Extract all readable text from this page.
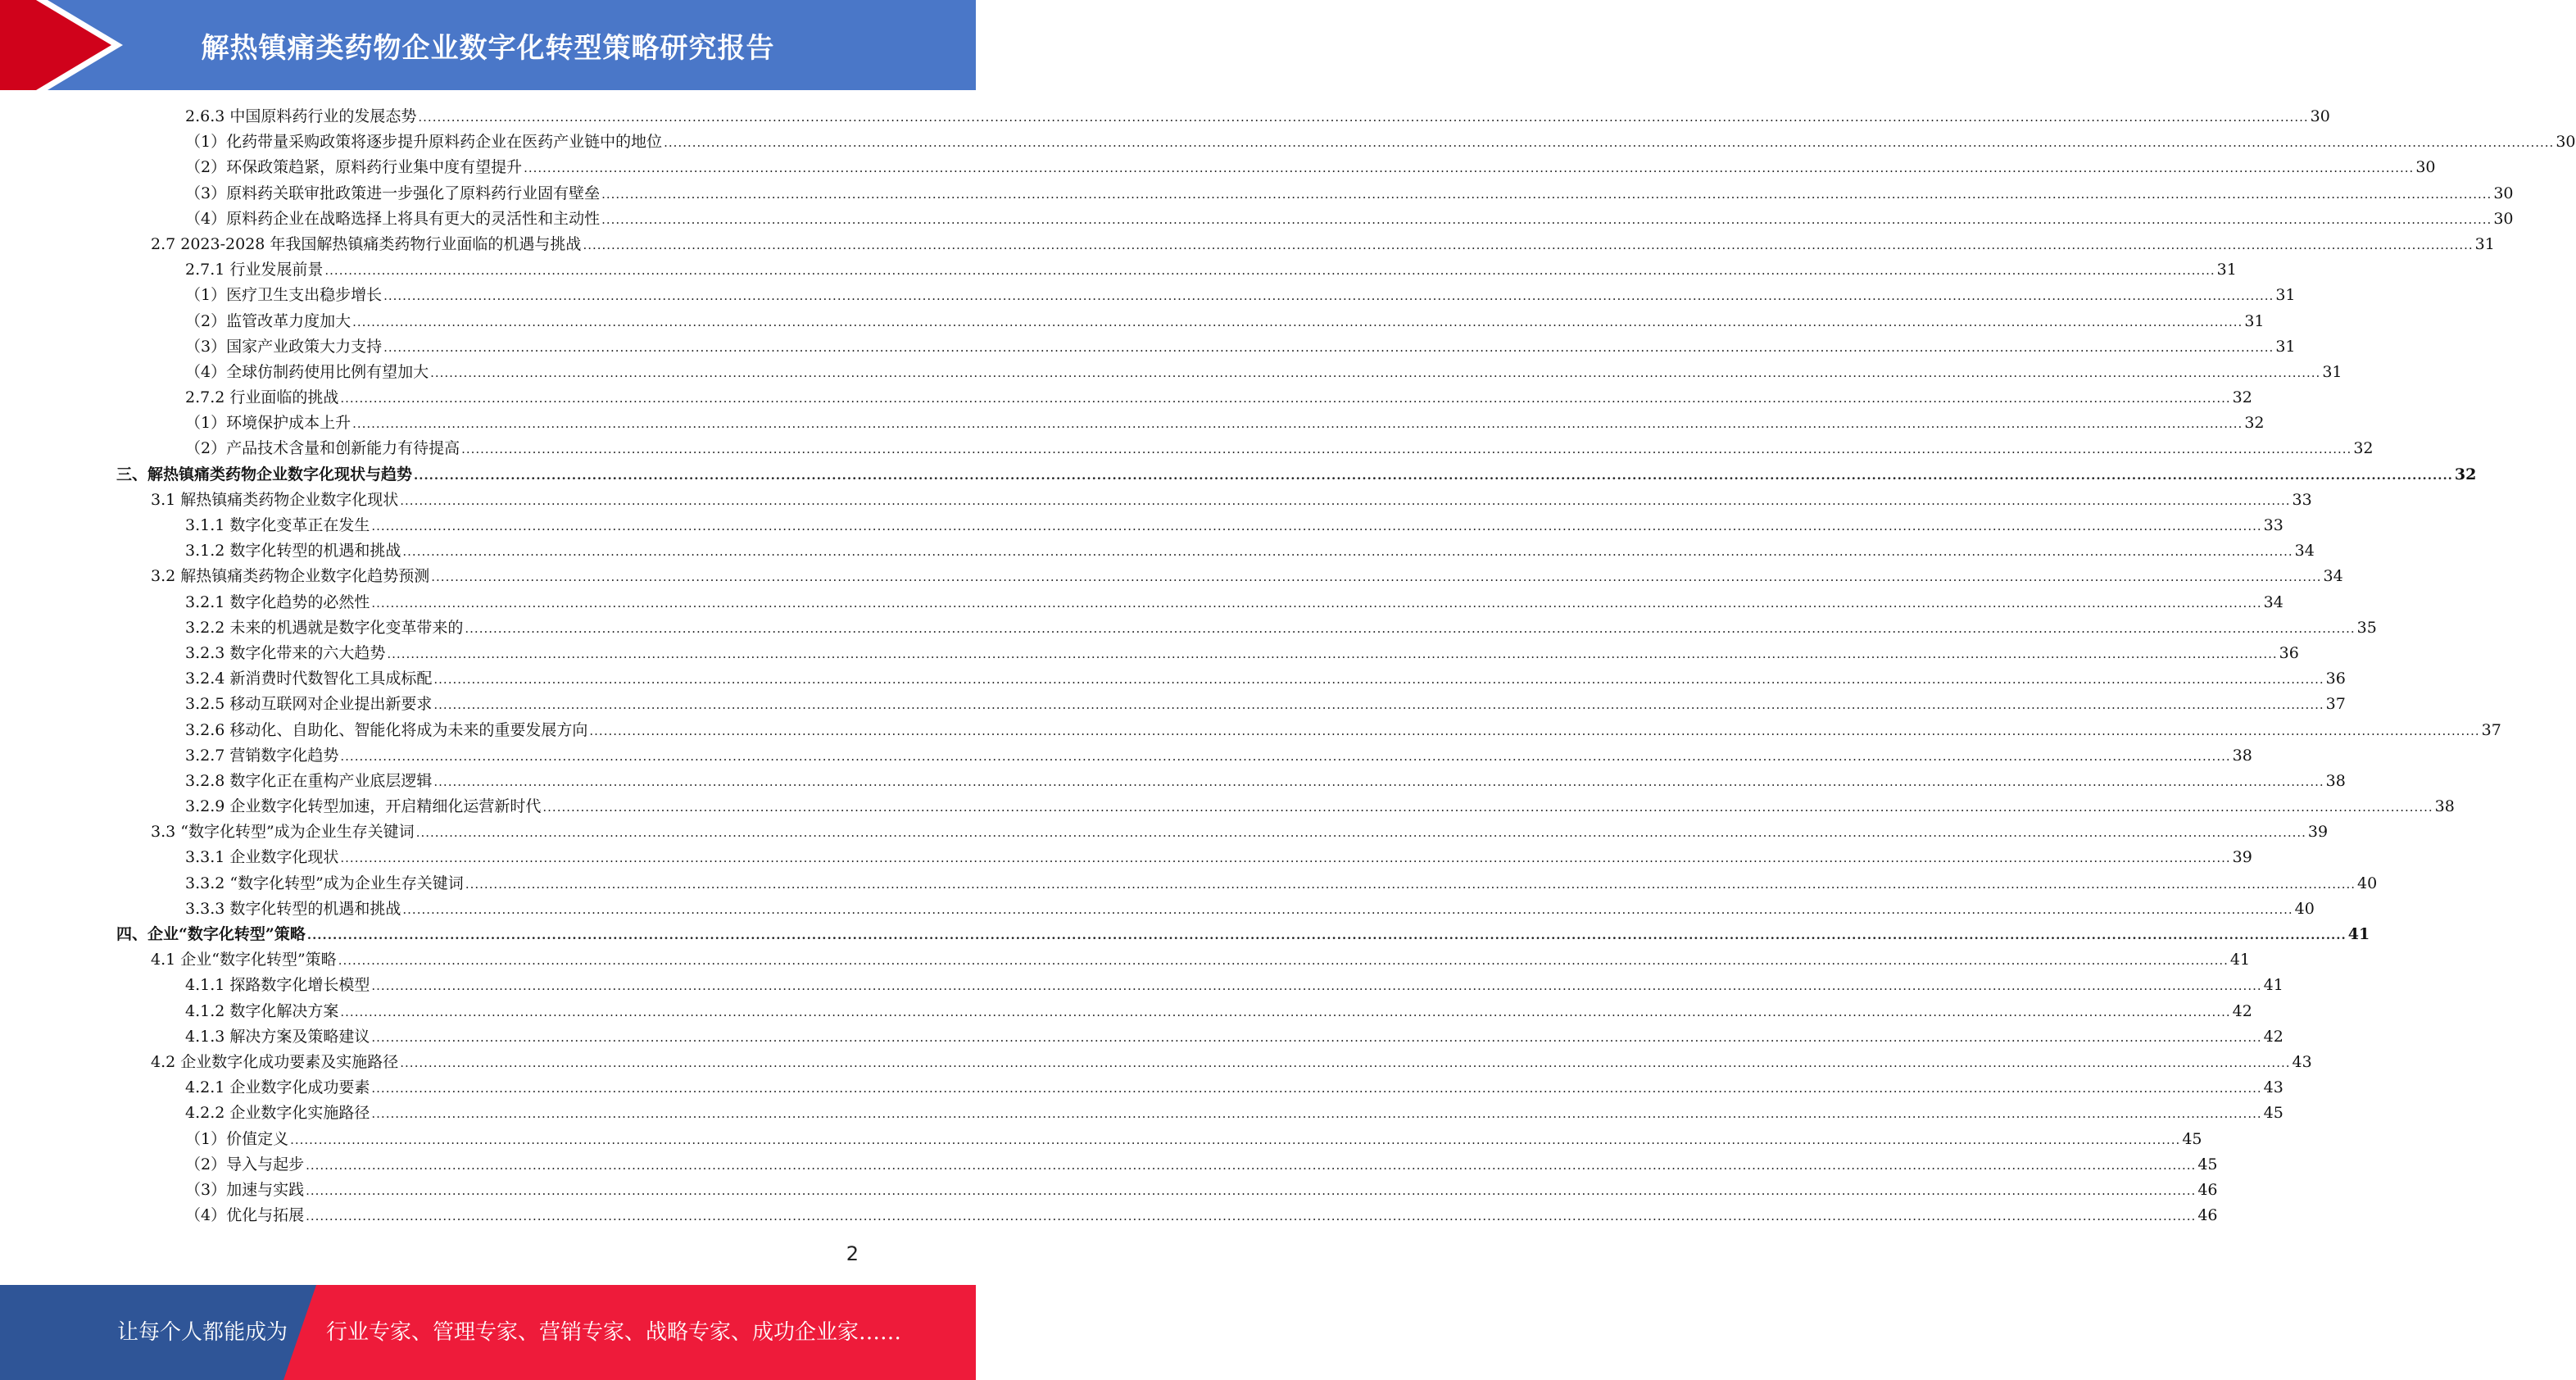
解热镇痛类药物企业数字化转型策略研究报告
2.6.3 中国原料药行业的发展态势 ................................................................................................................................................................................................................................................................................................................................................................................................................ 30
（1）化药带量采购政策将逐步提升原料药企业在医药产业链中的地位 ................................................................................................................................................................................................................................................................................................................................................................................................................ 30
（2）环保政策趋紧，原料药行业集中度有望提升 ................................................................................................................................................................................................................................................................................................................................................................................................................ 30
（3）原料药关联审批政策进一步强化了原料药行业固有壁垒 ................................................................................................................................................................................................................................................................................................................................................................................................................ 30
（4）原料药企业在战略选择上将具有更大的灵活性和主动性 ................................................................................................................................................................................................................................................................................................................................................................................................................ 30
2.7 2023-2028 年我国解热镇痛类药物行业面临的机遇与挑战 ................................................................................................................................................................................................................................................................................................................................................................................................................ 31
2.7.1 行业发展前景 ................................................................................................................................................................................................................................................................................................................................................................................................................ 31
（1）医疗卫生支出稳步增长 ................................................................................................................................................................................................................................................................................................................................................................................................................ 31
（2）监管改革力度加大 ................................................................................................................................................................................................................................................................................................................................................................................................................ 31
（3）国家产业政策大力支持 ................................................................................................................................................................................................................................................................................................................................................................................................................ 31
（4）全球仿制药使用比例有望加大 ................................................................................................................................................................................................................................................................................................................................................................................................................ 31
2.7.2 行业面临的挑战 ................................................................................................................................................................................................................................................................................................................................................................................................................ 32
（1）环境保护成本上升 ................................................................................................................................................................................................................................................................................................................................................................................................................ 32
（2）产品技术含量和创新能力有待提高 ................................................................................................................................................................................................................................................................................................................................................................................................................ 32
三、解热镇痛类药物企业数字化现状与趋势 ................................................................................................................................................................................................................................................................................................................................................................................................................ 32
3.1 解热镇痛类药物企业数字化现状 ................................................................................................................................................................................................................................................................................................................................................................................................................ 33
3.1.1 数字化变革正在发生 ................................................................................................................................................................................................................................................................................................................................................................................................................ 33
3.1.2 数字化转型的机遇和挑战 ................................................................................................................................................................................................................................................................................................................................................................................................................ 34
3.2 解热镇痛类药物企业数字化趋势预测 ................................................................................................................................................................................................................................................................................................................................................................................................................ 34
3.2.1 数字化趋势的必然性 ................................................................................................................................................................................................................................................................................................................................................................................................................ 34
3.2.2 未来的机遇就是数字化变革带来的 ................................................................................................................................................................................................................................................................................................................................................................................................................ 35
3.2.3 数字化带来的六大趋势 ................................................................................................................................................................................................................................................................................................................................................................................................................ 36
3.2.4 新消费时代数智化工具成标配 ................................................................................................................................................................................................................................................................................................................................................................................................................ 36
3.2.5 移动互联网对企业提出新要求 ................................................................................................................................................................................................................................................................................................................................................................................................................ 37
3.2.6 移动化、自助化、智能化将成为未来的重要发展方向 ................................................................................................................................................................................................................................................................................................................................................................................................................ 37
3.2.7 营销数字化趋势 ................................................................................................................................................................................................................................................................................................................................................................................................................ 38
3.2.8 数字化正在重构产业底层逻辑 ................................................................................................................................................................................................................................................................................................................................................................................................................ 38
3.2.9 企业数字化转型加速，开启精细化运营新时代 ................................................................................................................................................................................................................................................................................................................................................................................................................ 38
3.3 “数字化转型”成为企业生存关键词 ................................................................................................................................................................................................................................................................................................................................................................................................................ 39
3.3.1 企业数字化现状 ................................................................................................................................................................................................................................................................................................................................................................................................................ 39
3.3.2 “数字化转型”成为企业生存关键词 ................................................................................................................................................................................................................................................................................................................................................................................................................ 40
3.3.3 数字化转型的机遇和挑战 ................................................................................................................................................................................................................................................................................................................................................................................................................ 40
四、企业“数字化转型”策略 ................................................................................................................................................................................................................................................................................................................................................................................................................ 41
4.1 企业“数字化转型”策略 ................................................................................................................................................................................................................................................................................................................................................................................................................ 41
4.1.1 探路数字化增长模型 ................................................................................................................................................................................................................................................................................................................................................................................................................ 41
4.1.2 数字化解决方案 ................................................................................................................................................................................................................................................................................................................................................................................................................ 42
4.1.3 解决方案及策略建议 ................................................................................................................................................................................................................................................................................................................................................................................................................ 42
4.2 企业数字化成功要素及实施路径 ................................................................................................................................................................................................................................................................................................................................................................................................................ 43
4.2.1 企业数字化成功要素 ................................................................................................................................................................................................................................................................................................................................................................................................................ 43
4.2.2 企业数字化实施路径 ................................................................................................................................................................................................................................................................................................................................................................................................................ 45
（1）价值定义 ................................................................................................................................................................................................................................................................................................................................................................................................................ 45
（2）导入与起步 ................................................................................................................................................................................................................................................................................................................................................................................................................ 45
（3）加速与实践 ................................................................................................................................................................................................................................................................................................................................................................................................................ 46
（4）优化与拓展 ................................................................................................................................................................................................................................................................................................................................................................................................................ 46
2
让每个人都能成为 行业专家、管理专家、营销专家、战略专家、成功企业家……
